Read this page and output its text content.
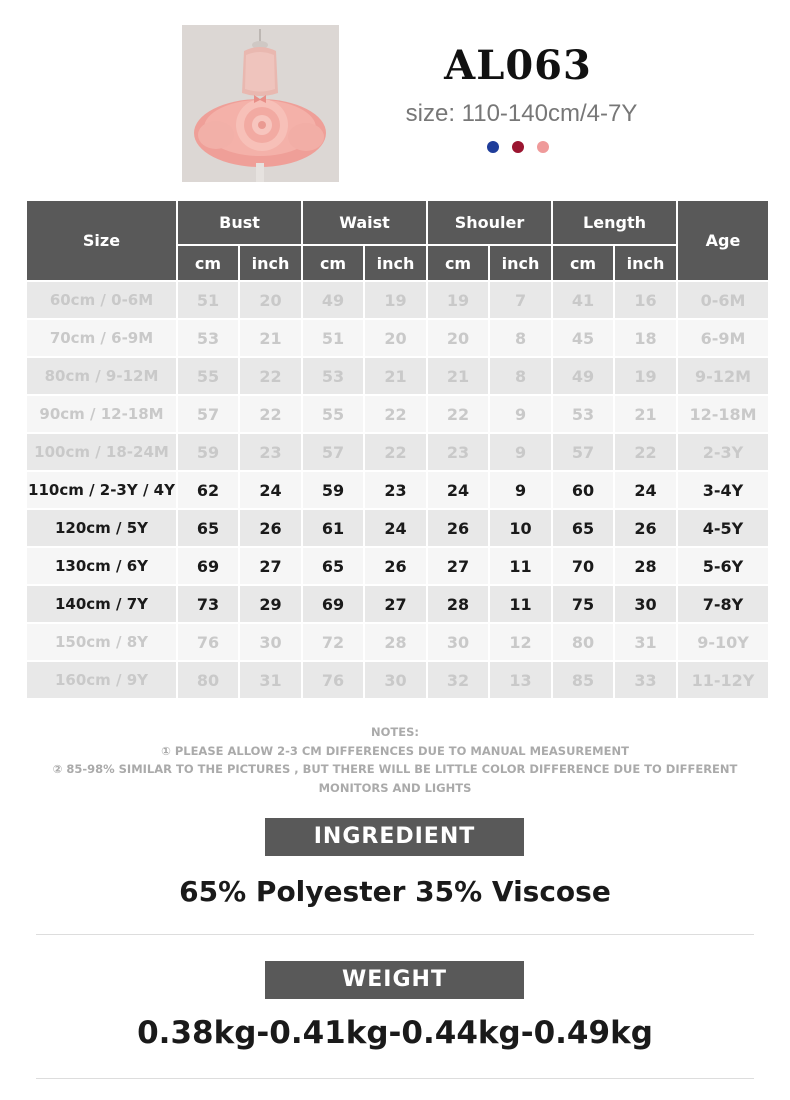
AL063
size: 110-140cm/4-7Y
Size	Bust		Waist		Shouler		Length		Age
	cm	inch	cm	inch	cm	inch	cm	inch	
60cm / 0-6M	51	20	49	19	19	7	41	16	0-6M
70cm / 6-9M	53	21	51	20	20	8	45	18	6-9M
80cm / 9-12M	55	22	53	21	21	8	49	19	9-12M
90cm / 12-18M	57	22	55	22	22	9	53	21	12-18M
100cm / 18-24M	59	23	57	22	23	9	57	22	2-3Y
110cm / 2-3Y / 4Y	62	24	59	23	24	9	60	24	3-4Y
120cm / 5Y	65	26	61	24	26	10	65	26	4-5Y
130cm / 6Y	69	27	65	26	27	11	70	28	5-6Y
140cm / 7Y	73	29	69	27	28	11	75	30	7-8Y
150cm / 8Y	76	30	72	28	30	12	80	31	9-10Y
160cm / 9Y	80	31	76	30	32	13	85	33	11-12Y
NOTES:
① PLEASE ALLOW 2-3 CM DIFFERENCES DUE TO MANUAL MEASUREMENT
② 85-98% SIMILAR TO THE PICTURES , BUT THERE WILL BE LITTLE COLOR DIFFERENCE DUE TO DIFFERENT
MONITORS AND LIGHTS
INGREDIENT
65% Polyester 35% Viscose
WEIGHT
0.38kg-0.41kg-0.44kg-0.49kg
